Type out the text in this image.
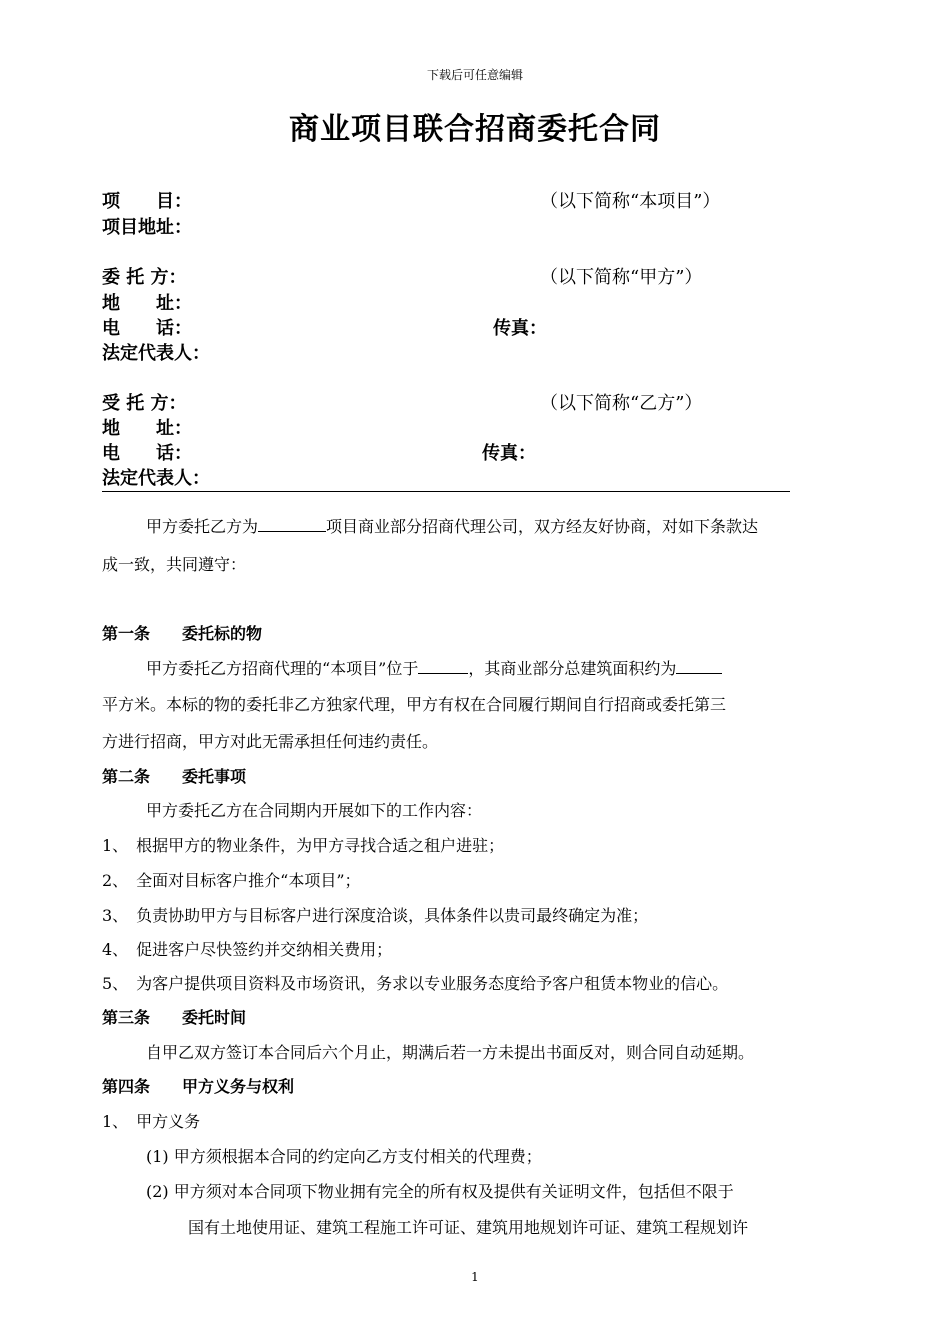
下载后可任意编辑
商业项目联合招商委托合同
项　　目：	（以下简称“本项目”）
项目地址：
委 托 方：	（以下简称“甲方”）
地　　址：
电　　话：	传真：
法定代表人：
受 托 方：	（以下简称“乙方”）
地　　址：
电　　话：	传真：
法定代表人：
甲方委托乙方为	项目商业部分招商代理公司，双方经友好协商，对如下条款达
成一致，共同遵守：
第一条　　委托标的物
甲方委托乙方招商代理的“本项目”位于	，其商业部分总建筑面积约为
平方米。本标的物的委托非乙方独家代理，甲方有权在合同履行期间自行招商或委托第三
方进行招商，甲方对此无需承担任何违约责任。
第二条　　委托事项
甲方委托乙方在合同期内开展如下的工作内容：
1、　根据甲方的物业条件，为甲方寻找合适之租户进驻；
2、　全面对目标客户推介“本项目”；
3、　负责协助甲方与目标客户进行深度洽谈，具体条件以贵司最终确定为准；
4、　促进客户尽快签约并交纳相关费用；
5、　为客户提供项目资料及市场资讯，务求以专业服务态度给予客户租赁本物业的信心。
第三条　　委托时间
自甲乙双方签订本合同后六个月止，期满后若一方未提出书面反对，则合同自动延期。
第四条　　甲方义务与权利
1、　甲方义务
(1) 甲方须根据本合同的约定向乙方支付相关的代理费；
(2) 甲方须对本合同项下物业拥有完全的所有权及提供有关证明文件，包括但不限于
国有土地使用证、建筑工程施工许可证、建筑用地规划许可证、建筑工程规划许
1
